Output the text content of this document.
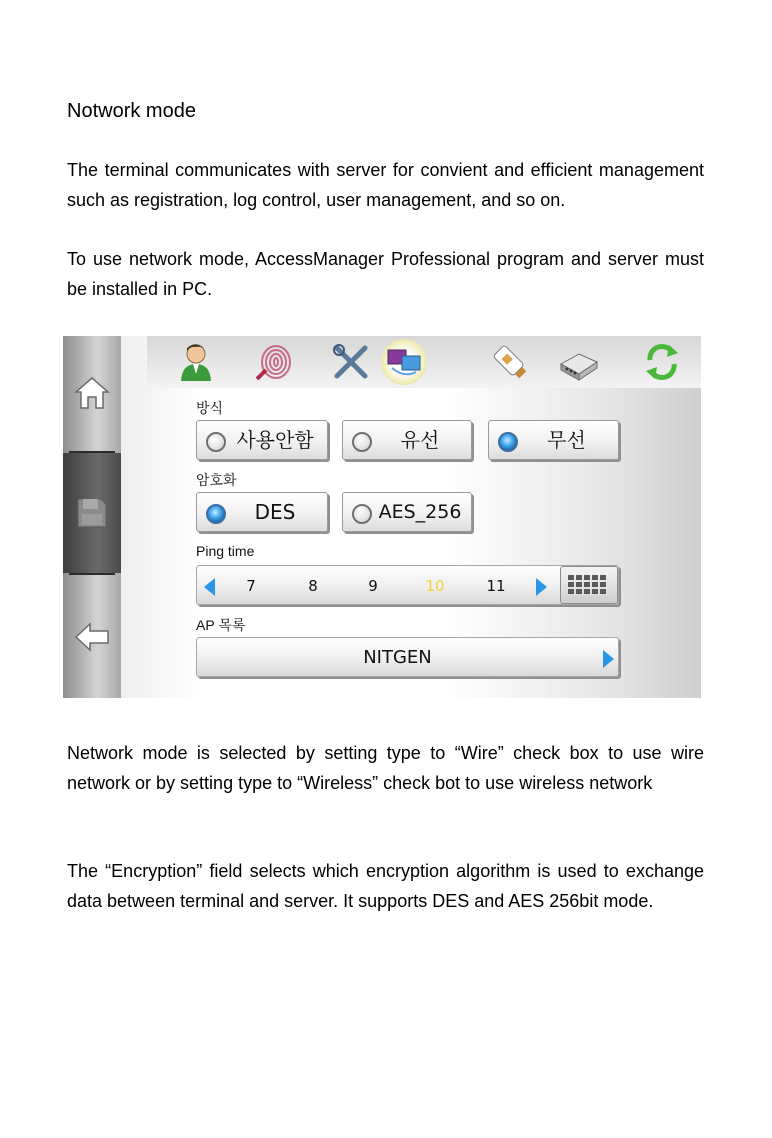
Notwork mode

The terminal communicates with server for convient and efficient management such as registration, log control, user management, and so on.

To use network mode, AccessManager Professional program and server must be installed in PC.

방식
사용안함	유선	무선
암호화
DES	AES_256
Ping time
7	8	9	10	11
AP 목록
NITGEN

Network mode is selected by setting type to “Wire” check box to use wire network or by setting type to “Wireless” check bot to use wireless network

The “Encryption” field selects which encryption algorithm is used to exchange data between terminal and server. It supports DES and AES 256bit mode.
